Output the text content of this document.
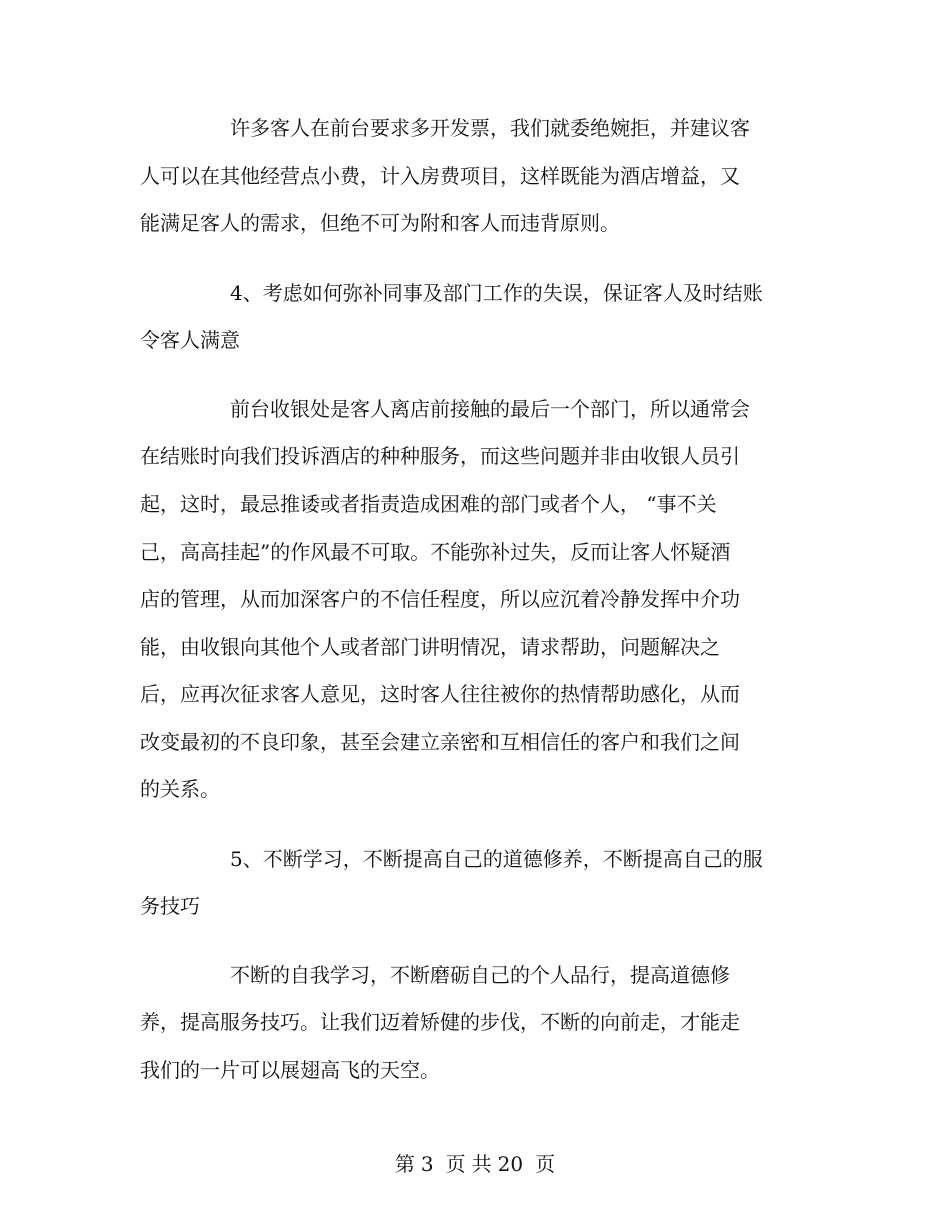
许多客人在前台要求多开发票，我们就委绝婉拒，并建议客

人可以在其他经营点小费，计入房费项目，这样既能为酒店增益，又

能满足客人的需求，但绝不可为附和客人而违背原则。

4、考虑如何弥补同事及部门工作的失误，保证客人及时结账

令客人满意

前台收银处是客人离店前接触的最后一个部门，所以通常会

在结账时向我们投诉酒店的种种服务，而这些问题并非由收银人员引

起，这时，最忌推诿或者指责造成困难的部门或者个人， “事不关

己，高高挂起”的作风最不可取。不能弥补过失，反而让客人怀疑酒

店的管理，从而加深客户的不信任程度，所以应沉着冷静发挥中介功

能，由收银向其他个人或者部门讲明情况，请求帮助，问题解决之

后，应再次征求客人意见，这时客人往往被你的热情帮助感化，从而

改变最初的不良印象，甚至会建立亲密和互相信任的客户和我们之间

的关系。

5、不断学习，不断提高自己的道德修养，不断提高自己的服

务技巧

不断的自我学习，不断磨砺自己的个人品行，提高道德修

养，提高服务技巧。让我们迈着矫健的步伐，不断的向前走，才能走

我们的一片可以展翅高飞的天空。

第 3 页 共 20 页
